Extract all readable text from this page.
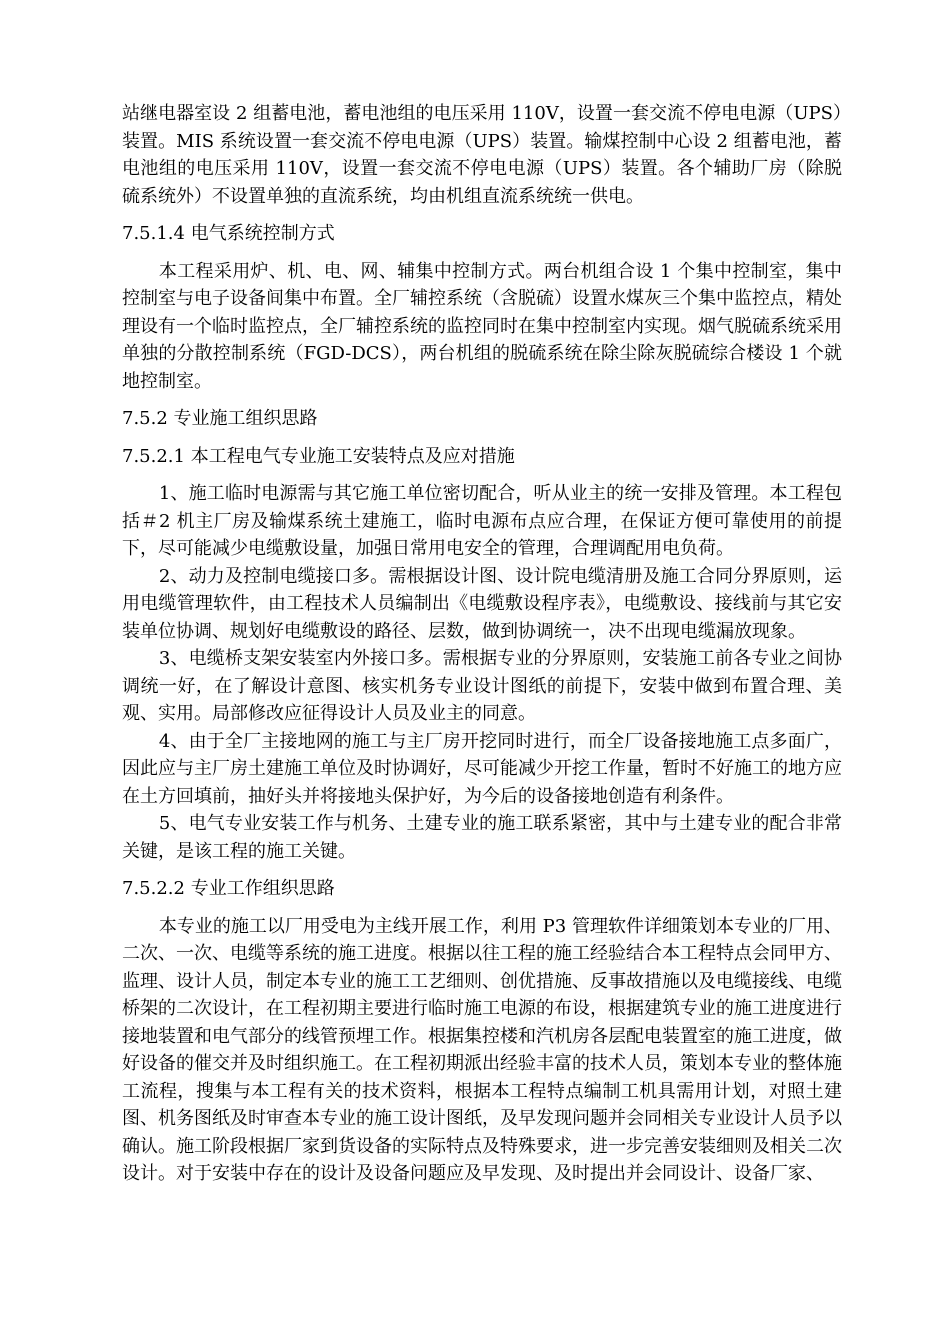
站继电器室设 2 组蓄电池，蓄电池组的电压采用 110V，设置一套交流不停电电源（UPS）装置。MIS 系统设置一套交流不停电电源（UPS）装置。输煤控制中心设 2 组蓄电池，蓄电池组的电压采用 110V，设置一套交流不停电电源（UPS）装置。各个辅助厂房（除脱硫系统外）不设置单独的直流系统，均由机组直流系统统一供电。

7.5.1.4 电气系统控制方式

本工程采用炉、机、电、网、辅集中控制方式。两台机组合设 1 个集中控制室，集中控制室与电子设备间集中布置。全厂辅控系统（含脱硫）设置水煤灰三个集中监控点，精处理设有一个临时监控点，全厂辅控系统的监控同时在集中控制室内实现。烟气脱硫系统采用单独的分散控制系统（FGD-DCS），两台机组的脱硫系统在除尘除灰脱硫综合楼设 1 个就地控制室。

7.5.2 专业施工组织思路

7.5.2.1 本工程电气专业施工安装特点及应对措施

1、施工临时电源需与其它施工单位密切配合，听从业主的统一安排及管理。本工程包括＃2 机主厂房及输煤系统土建施工，临时电源布点应合理，在保证方便可靠使用的前提下，尽可能减少电缆敷设量，加强日常用电安全的管理，合理调配用电负荷。

2、动力及控制电缆接口多。需根据设计图、设计院电缆清册及施工合同分界原则，运用电缆管理软件，由工程技术人员编制出《电缆敷设程序表》，电缆敷设、接线前与其它安装单位协调、规划好电缆敷设的路径、层数，做到协调统一，决不出现电缆漏放现象。

3、电缆桥支架安装室内外接口多。需根据专业的分界原则，安装施工前各专业之间协调统一好，在了解设计意图、核实机务专业设计图纸的前提下，安装中做到布置合理、美观、实用。局部修改应征得设计人员及业主的同意。

4、由于全厂主接地网的施工与主厂房开挖同时进行，而全厂设备接地施工点多面广，因此应与主厂房土建施工单位及时协调好，尽可能减少开挖工作量，暂时不好施工的地方应在土方回填前，抽好头并将接地头保护好，为今后的设备接地创造有利条件。

5、电气专业安装工作与机务、土建专业的施工联系紧密，其中与土建专业的配合非常关键，是该工程的施工关键。

7.5.2.2 专业工作组织思路

本专业的施工以厂用受电为主线开展工作，利用 P3 管理软件详细策划本专业的厂用、二次、一次、电缆等系统的施工进度。根据以往工程的施工经验结合本工程特点会同甲方、监理、设计人员，制定本专业的施工工艺细则、创优措施、反事故措施以及电缆接线、电缆桥架的二次设计，在工程初期主要进行临时施工电源的布设，根据建筑专业的施工进度进行接地装置和电气部分的线管预埋工作。根据集控楼和汽机房各层配电装置室的施工进度，做好设备的催交并及时组织施工。在工程初期派出经验丰富的技术人员，策划本专业的整体施工流程，搜集与本工程有关的技术资料，根据本工程特点编制工机具需用计划，对照土建图、机务图纸及时审查本专业的施工设计图纸，及早发现问题并会同相关专业设计人员予以确认。施工阶段根据厂家到货设备的实际特点及特殊要求，进一步完善安装细则及相关二次设计。对于安装中存在的设计及设备问题应及早发现、及时提出并会同设计、设备厂家、
